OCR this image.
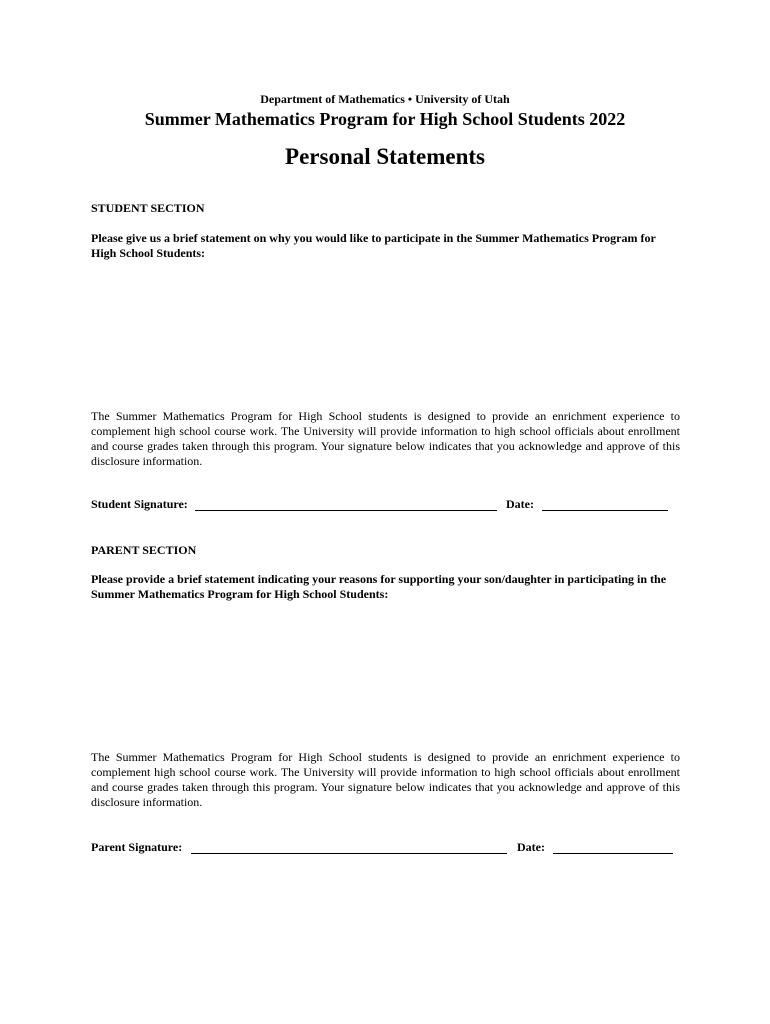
Department of Mathematics • University of Utah
Summer Mathematics Program for High School Students 2022
Personal Statements
STUDENT SECTION
Please give us a brief statement on why you would like to participate in the Summer Mathematics Program for High School Students:
The Summer Mathematics Program for High School students is designed to provide an enrichment experience to complement high school course work. The University will provide information to high school officials about enrollment and course grades taken through this program. Your signature below indicates that you acknowledge and approve of this disclosure information.
Student Signature:	Date:
PARENT SECTION
Please provide a brief statement indicating your reasons for supporting your son/daughter in participating in the Summer Mathematics Program for High School Students:
The Summer Mathematics Program for High School students is designed to provide an enrichment experience to complement high school course work. The University will provide information to high school officials about enrollment and course grades taken through this program. Your signature below indicates that you acknowledge and approve of this disclosure information.
Parent Signature:	Date:
